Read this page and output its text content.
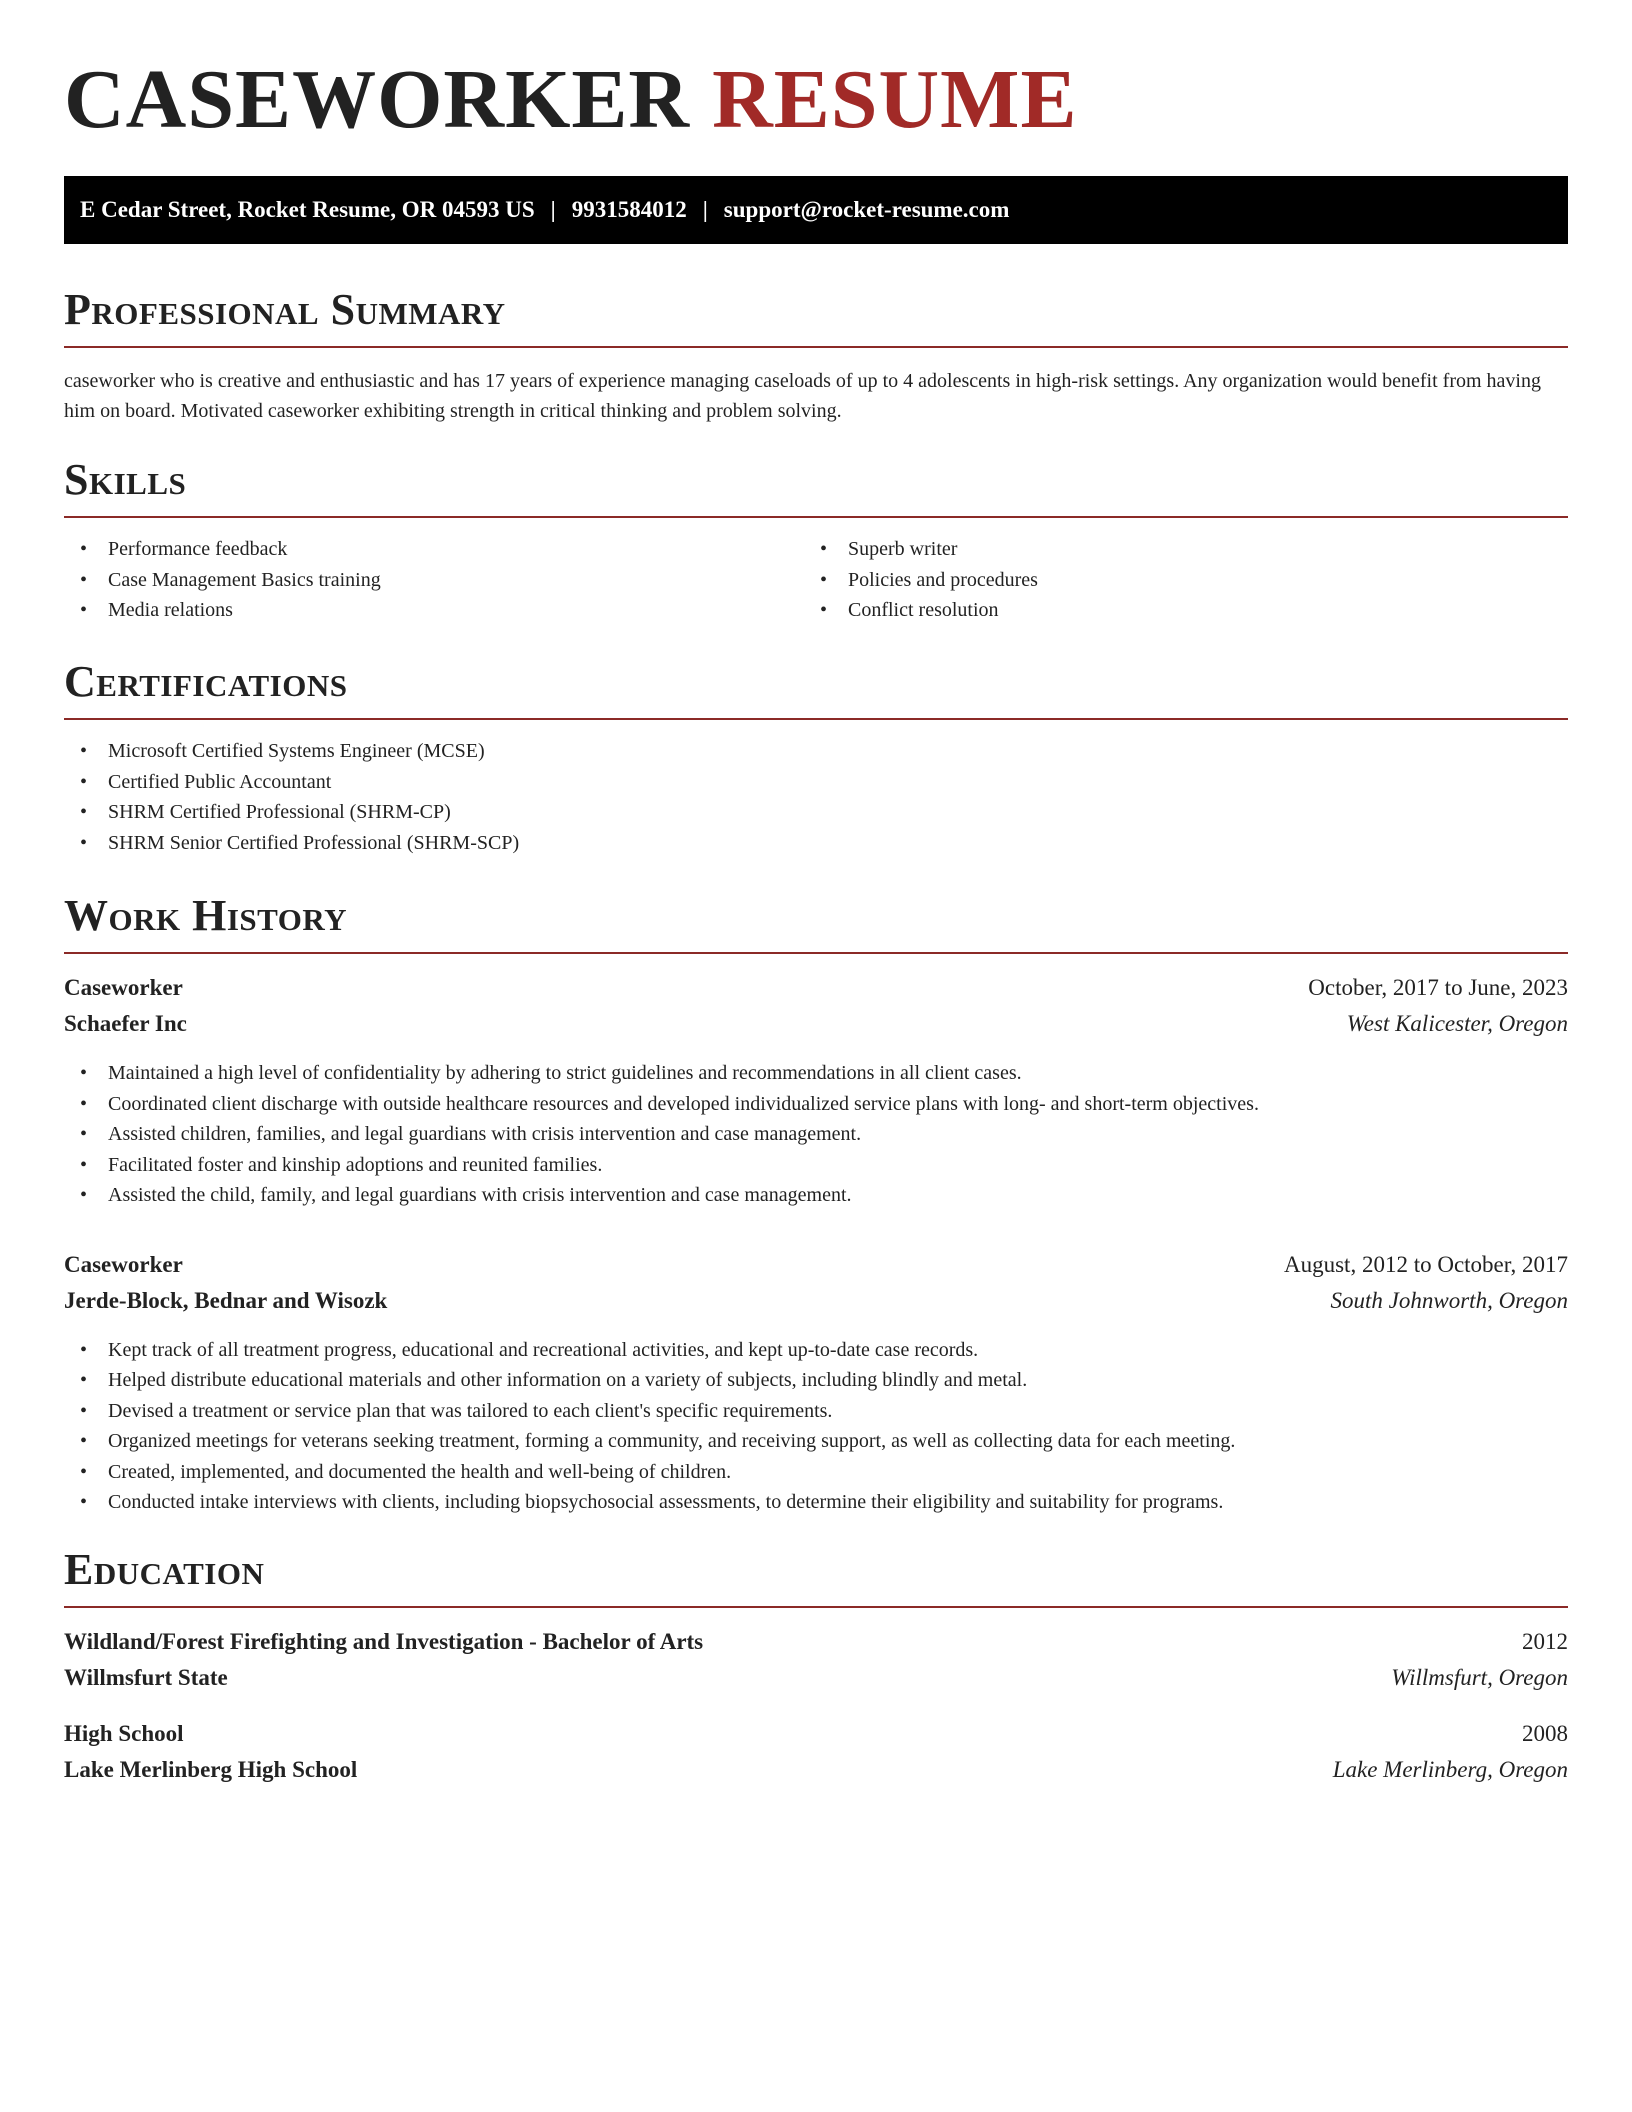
CASEWORKER RESUME
E Cedar Street, Rocket Resume, OR 04593 US | 9931584012 | support@rocket-resume.com
Professional Summary

caseworker who is creative and enthusiastic and has 17 years of experience managing caseloads of up to 4 adolescents in high-risk settings. Any organization would benefit from having him on board. Motivated caseworker exhibiting strength in critical thinking and problem solving.

Skills
• Performance feedback
• Case Management Basics training
• Media relations
• Superb writer
• Policies and procedures
• Conflict resolution
Certifications
• Microsoft Certified Systems Engineer (MCSE)
• Certified Public Accountant
• SHRM Certified Professional (SHRM-CP)
• SHRM Senior Certified Professional (SHRM-SCP)
Work History
Caseworker	October, 2017 to June, 2023
Schaefer Inc	West Kalicester, Oregon
• Maintained a high level of confidentiality by adhering to strict guidelines and recommendations in all client cases.
• Coordinated client discharge with outside healthcare resources and developed individualized service plans with long- and short-term objectives.
• Assisted children, families, and legal guardians with crisis intervention and case management.
• Facilitated foster and kinship adoptions and reunited families.
• Assisted the child, family, and legal guardians with crisis intervention and case management.
Caseworker	August, 2012 to October, 2017
Jerde-Block, Bednar and Wisozk	South Johnworth, Oregon
• Kept track of all treatment progress, educational and recreational activities, and kept up-to-date case records.
• Helped distribute educational materials and other information on a variety of subjects, including blindly and metal.
• Devised a treatment or service plan that was tailored to each client's specific requirements.
• Organized meetings for veterans seeking treatment, forming a community, and receiving support, as well as collecting data for each meeting.
• Created, implemented, and documented the health and well-being of children.
• Conducted intake interviews with clients, including biopsychosocial assessments, to determine their eligibility and suitability for programs.
Education
Wildland/Forest Firefighting and Investigation - Bachelor of Arts	2012
Willmsfurt State	Willmsfurt, Oregon
High School	2008
Lake Merlinberg High School	Lake Merlinberg, Oregon
